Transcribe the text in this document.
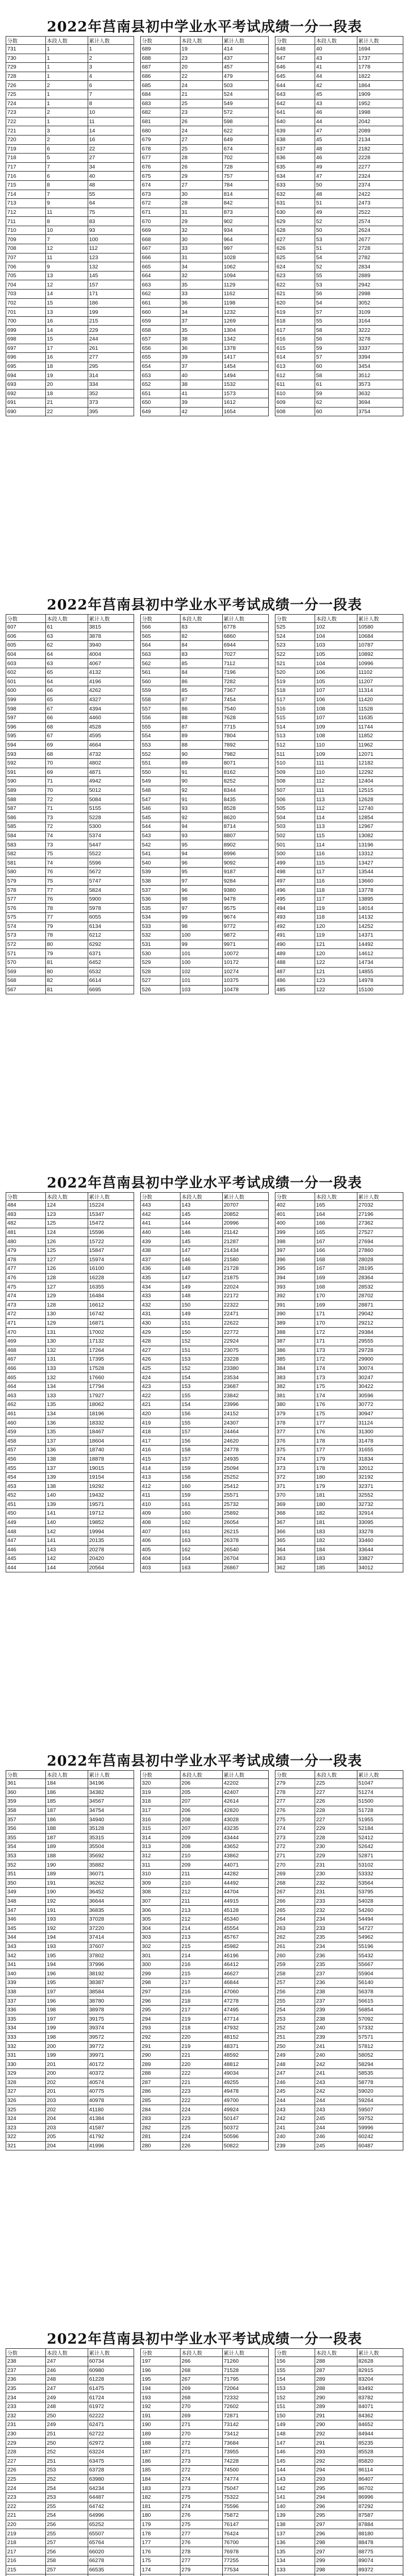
2022年莒南县初中学业水平考试成绩一分一段表
分数	本段人数	累计人数
731	1	1
730	1	2
729	1	3
728	1	4
726	2	6
725	1	7
724	1	8
723	2	10
722	1	11
721	3	14
720	2	16
719	6	22
718	5	27
717	7	34
716	6	40
715	8	48
714	7	55
713	9	64
712	11	75
711	8	83
710	10	93
709	7	100
708	12	112
707	11	123
706	9	132
705	13	145
704	12	157
703	14	171
702	15	186
701	13	199
700	16	215
699	14	229
698	15	244
697	17	261
696	16	277
695	18	295
694	19	314
693	20	334
692	18	352
691	21	373
690	22	395
分数	本段人数	累计人数
689	19	414
688	23	437
687	20	457
686	22	479
685	24	503
684	21	524
683	25	549
682	23	572
681	26	598
680	24	622
679	27	649
678	25	674
677	28	702
676	26	728
675	29	757
674	27	784
673	30	814
672	28	842
671	31	873
670	29	902
669	32	934
668	30	964
667	33	997
666	31	1028
665	34	1062
664	32	1094
663	35	1129
662	33	1162
661	36	1198
660	34	1232
659	37	1269
658	35	1304
657	38	1342
656	36	1378
655	39	1417
654	37	1454
653	40	1494
652	38	1532
651	41	1573
650	39	1612
649	42	1654
分数	本段人数	累计人数
648	40	1694
647	43	1737
646	41	1778
645	44	1822
644	42	1864
643	45	1909
642	43	1952
641	46	1998
640	44	2042
639	47	2089
638	45	2134
637	48	2182
636	46	2228
635	49	2277
634	47	2324
633	50	2374
632	48	2422
631	51	2473
630	49	2522
629	52	2574
628	50	2624
627	53	2677
626	51	2728
625	54	2782
624	52	2834
623	55	2889
622	53	2942
621	56	2998
620	54	3052
619	57	3109
618	55	3164
617	58	3222
616	56	3278
615	59	3337
614	57	3394
613	60	3454
612	58	3512
611	61	3573
610	59	3632
609	62	3694
608	60	3754
2022年莒南县初中学业水平考试成绩一分一段表
分数	本段人数	累计人数
607	61	3815
606	63	3878
605	62	3940
604	64	4004
603	63	4067
602	65	4132
601	64	4196
600	66	4262
599	65	4327
598	67	4394
597	66	4460
596	68	4528
595	67	4595
594	69	4664
593	68	4732
592	70	4802
591	69	4871
590	71	4942
589	70	5012
588	72	5084
587	71	5155
586	73	5228
585	72	5300
584	74	5374
583	73	5447
582	75	5522
581	74	5596
580	76	5672
579	75	5747
578	77	5824
577	76	5900
576	78	5978
575	77	6055
574	79	6134
573	78	6212
572	80	6292
571	79	6371
570	81	6452
569	80	6532
568	82	6614
567	81	6695
分数	本段人数	累计人数
566	83	6778
565	82	6860
564	84	6944
563	83	7027
562	85	7112
561	84	7196
560	86	7282
559	85	7367
558	87	7454
557	86	7540
556	88	7628
555	87	7715
554	89	7804
553	88	7892
552	90	7982
551	89	8071
550	91	8162
549	90	8252
548	92	8344
547	91	8435
546	93	8528
545	92	8620
544	94	8714
543	93	8807
542	95	8902
541	94	8996
540	96	9092
539	95	9187
538	97	9284
537	96	9380
536	98	9478
535	97	9575
534	99	9674
533	98	9772
532	100	9872
531	99	9971
530	101	10072
529	100	10172
528	102	10274
527	101	10375
526	103	10478
分数	本段人数	累计人数
525	102	10580
524	104	10684
523	103	10787
522	105	10892
521	104	10996
520	106	11102
519	105	11207
518	107	11314
517	106	11420
516	108	11528
515	107	11635
514	109	11744
513	108	11852
512	110	11962
511	109	12071
510	111	12182
509	110	12292
508	112	12404
507	111	12515
506	113	12628
505	112	12740
504	114	12854
503	113	12967
502	115	13082
501	114	13196
500	116	13312
499	115	13427
498	117	13544
497	116	13660
496	118	13778
495	117	13895
494	119	14014
493	118	14132
492	120	14252
491	119	14371
490	121	14492
489	120	14612
488	122	14734
487	121	14855
486	123	14978
485	122	15100
2022年莒南县初中学业水平考试成绩一分一段表
分数	本段人数	累计人数
484	124	15224
483	123	15347
482	125	15472
481	124	15596
480	126	15722
479	125	15847
478	127	15974
477	126	16100
476	128	16228
475	127	16355
474	129	16484
473	128	16612
472	130	16742
471	129	16871
470	131	17002
469	130	17132
468	132	17264
467	131	17395
466	133	17528
465	132	17660
464	134	17794
463	133	17927
462	135	18062
461	134	18196
460	136	18332
459	135	18467
458	137	18604
457	136	18740
456	138	18878
455	137	19015
454	139	19154
453	138	19292
452	140	19432
451	139	19571
450	141	19712
449	140	19852
448	142	19994
447	141	20135
446	143	20278
445	142	20420
444	144	20564
分数	本段人数	累计人数
443	143	20707
442	145	20852
441	144	20996
440	146	21142
439	145	21287
438	147	21434
437	146	21580
436	148	21728
435	147	21875
434	149	22024
433	148	22172
432	150	22322
431	149	22471
430	151	22622
429	150	22772
428	152	22924
427	151	23075
426	153	23228
425	152	23380
424	154	23534
423	153	23687
422	155	23842
421	154	23996
420	156	24152
419	155	24307
418	157	24464
417	156	24620
416	158	24778
415	157	24935
414	159	25094
413	158	25252
412	160	25412
411	159	25571
410	161	25732
409	160	25892
408	162	26054
407	161	26215
406	163	26378
405	162	26540
404	164	26704
403	163	26867
分数	本段人数	累计人数
402	165	27032
401	164	27196
400	166	27362
399	165	27527
398	167	27694
397	166	27860
396	168	28028
395	167	28195
394	169	28364
393	168	28532
392	170	28702
391	169	28871
390	171	29042
389	170	29212
388	172	29384
387	171	29555
386	173	29728
385	172	29900
384	174	30074
383	173	30247
382	175	30422
381	174	30596
380	176	30772
379	175	30947
378	177	31124
377	176	31300
376	178	31478
375	177	31655
374	179	31834
373	178	32012
372	180	32192
371	179	32371
370	181	32552
369	180	32732
368	182	32914
367	181	33095
366	183	33278
365	182	33460
364	184	33644
363	183	33827
362	185	34012
2022年莒南县初中学业水平考试成绩一分一段表
分数	本段人数	累计人数
361	184	34196
360	186	34382
359	185	34567
358	187	34754
357	186	34940
356	188	35128
355	187	35315
354	189	35504
353	188	35692
352	190	35882
351	189	36071
350	191	36262
349	190	36452
348	192	36644
347	191	36835
346	193	37028
345	192	37220
344	194	37414
343	193	37607
342	195	37802
341	194	37996
340	196	38192
339	195	38387
338	197	38584
337	196	38780
336	198	38978
335	197	39175
334	199	39374
333	198	39572
332	200	39772
331	199	39971
330	201	40172
329	200	40372
328	202	40574
327	201	40775
326	203	40978
325	202	41180
324	204	41384
323	203	41587
322	205	41792
321	204	41996
分数	本段人数	累计人数
320	206	42202
319	205	42407
318	207	42614
317	206	42820
316	208	43028
315	207	43235
314	209	43444
313	208	43652
312	210	43862
311	209	44071
310	211	44282
309	210	44492
308	212	44704
307	211	44915
306	213	45128
305	212	45340
304	214	45554
303	213	45767
302	215	45982
301	214	46196
300	216	46412
299	215	46627
298	217	46844
297	216	47060
296	218	47278
295	217	47495
294	219	47714
293	218	47932
292	220	48152
291	219	48371
290	221	48592
289	220	48812
288	222	49034
287	221	49255
286	223	49478
285	222	49700
284	224	49924
283	223	50147
282	225	50372
281	224	50596
280	226	50822
分数	本段人数	累计人数
279	225	51047
278	227	51274
277	226	51500
276	228	51728
275	227	51955
274	229	52184
273	228	52412
272	230	52642
271	229	52871
270	231	53102
269	230	53332
268	232	53564
267	231	53795
266	233	54028
265	232	54260
264	234	54494
263	233	54727
262	235	54962
261	234	55196
260	236	55432
259	235	55667
258	237	55904
257	236	56140
256	238	56378
255	237	56615
254	239	56854
253	238	57092
252	240	57332
251	239	57571
250	241	57812
249	240	58052
248	242	58294
247	241	58535
246	243	58778
245	242	59020
244	244	59264
243	243	59507
242	245	59752
241	244	59996
240	246	60242
239	245	60487
2022年莒南县初中学业水平考试成绩一分一段表
分数	本段人数	累计人数
238	247	60734
237	246	60980
236	248	61228
235	247	61475
234	249	61724
233	248	61972
232	250	62222
231	249	62471
230	251	62722
229	250	62972
228	252	63224
227	251	63475
226	253	63728
225	252	63980
224	254	64234
223	253	64487
222	255	64742
221	254	64996
220	256	65252
219	255	65507
218	257	65764
217	256	66020
216	258	66278
215	257	66535

分数	本段人数	累计人数
197	266	71260
196	268	71528
195	267	71795
194	269	72064
193	268	72332
192	270	72602
191	269	72871
190	271	73142
189	270	73412
188	272	73684
187	271	73955
186	273	74228
185	272	74500
184	274	74774
183	273	75047
182	275	75322
181	274	75596
180	276	75872
179	275	76147
178	277	76424
177	276	76700
176	278	76978
175	277	77255
174	279	77534

分数	本段人数	累计人数
156	288	82628
155	287	82915
154	289	83204
153	288	83492
152	290	83782
151	289	84071
150	291	84362
149	290	84652
148	292	84944
147	291	85235
146	293	85528
145	292	85820
144	294	86114
143	293	86407
142	295	86702
141	294	86996
140	296	87292
139	295	87587
138	297	87884
137	296	88180
136	298	88478
135	297	88775
134	299	89074
133	298	89372
